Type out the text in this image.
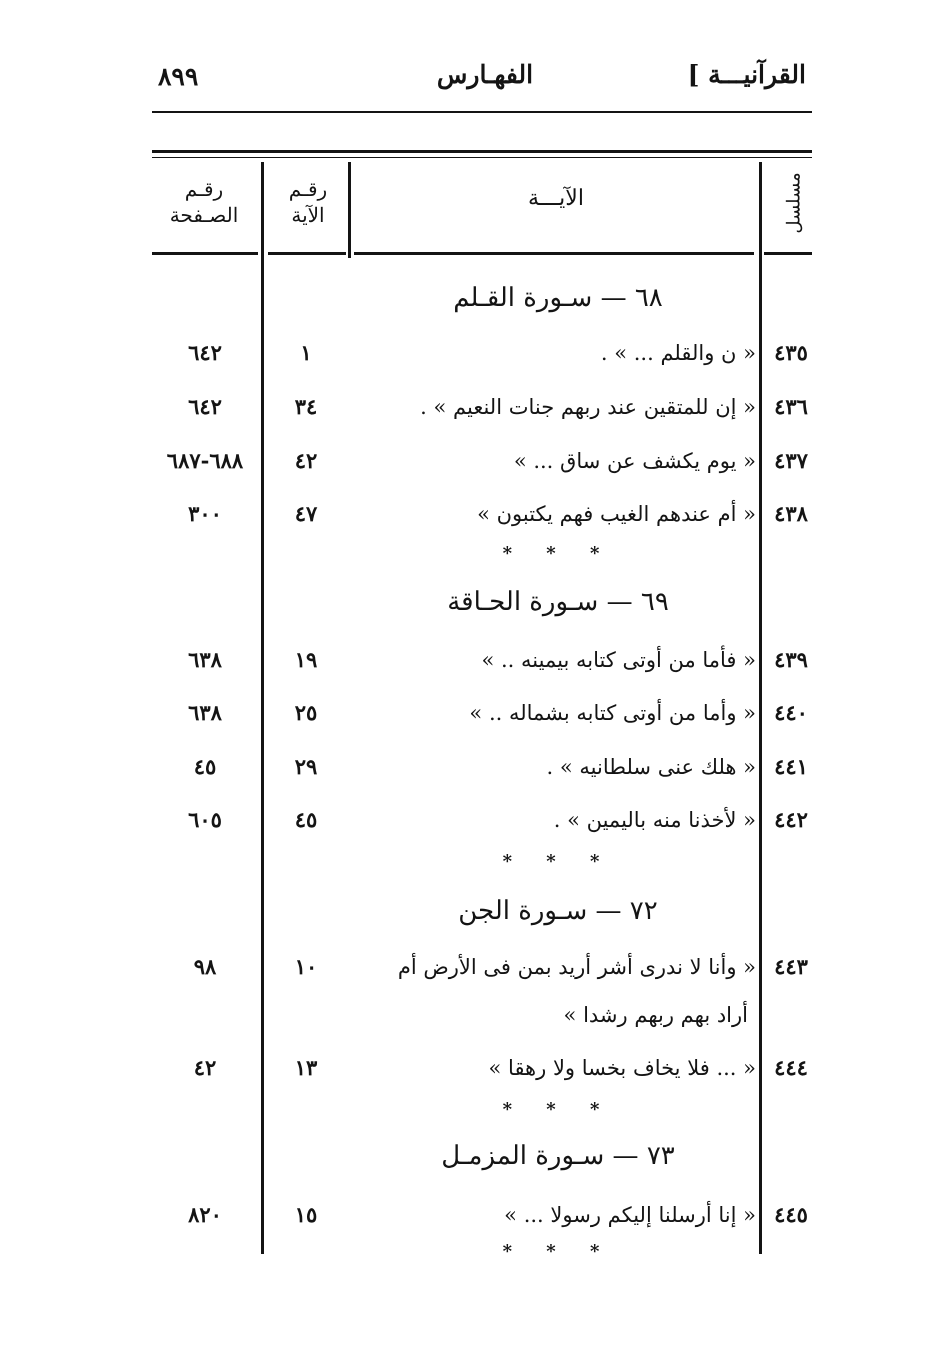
٨٩٩	الفهـارس	القرآنيـــة ]
مسلسل
الآيـــة
رقـم الآية
رقـم الصـفحة
٦٨ — سـورة القـلم
٤٣٥
« ن والقلم ... » .
١
٦٤٢
٤٣٦
« إن للمتقين عند ربهم جنات النعيم » .
٣٤
٦٤٢
٤٣٧
« يوم يكشف عن ساق ... »
٤٢
٦٨٨-٦٨٧
٤٣٨
« أم عندهم الغيب فهم يكتبون »
٤٧
٣٠٠
* * *
٦٩ — سـورة الحـاقة
٤٣٩
« فأما من أوتى كتابه بيمينه .. »
١٩
٦٣٨
٤٤٠
« وأما من أوتى كتابه بشماله .. »
٢٥
٦٣٨
٤٤١
« هلك عنى سلطانيه » .
٢٩
٤٥
٤٤٢
« لأخذنا منه باليمين » .
٤٥
٦٠٥
* * *
٧٢ — سـورة الجن
٤٤٣
« وأنا لا ندرى أشر أريد بمن فى الأرض أم
أراد بهم ربهم رشدا »
١٠
٩٨
٤٤٤
« ... فلا يخاف بخسا ولا رهقا »
١٣
٤٢
* * *
٧٣ — سـورة المزمـل
٤٤٥
« إنا أرسلنا إليكم رسولا ... »
١٥
٨٢٠
* * *
